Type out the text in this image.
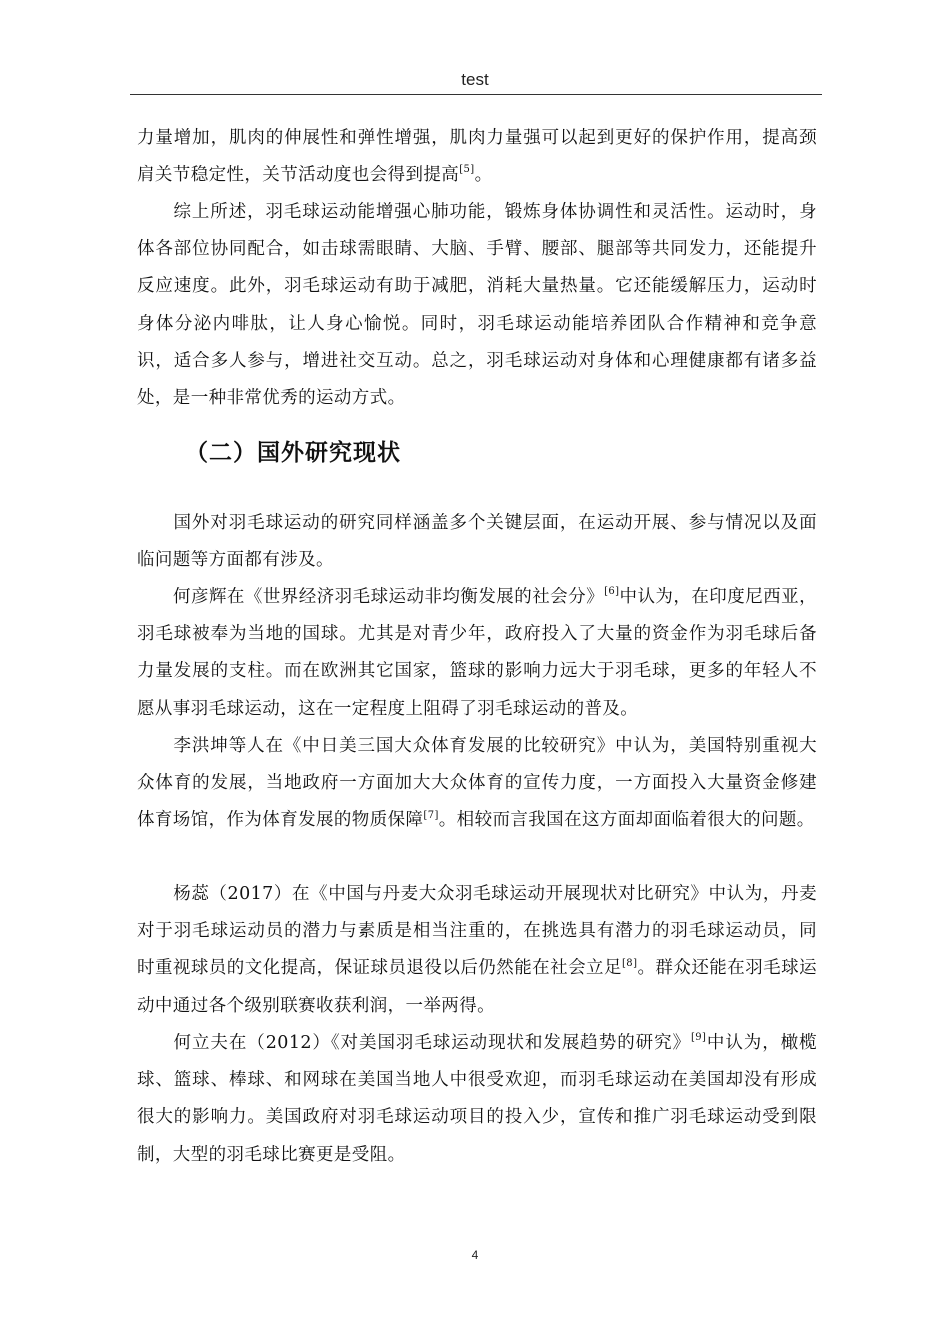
test

力量增加，肌肉的伸展性和弹性增强，肌肉力量强可以起到更好的保护作用，提高颈肩关节稳定性，关节活动度也会得到提高[5]。

综上所述，羽毛球运动能增强心肺功能，锻炼身体协调性和灵活性。运动时，身体各部位协同配合，如击球需眼睛、大脑、手臂、腰部、腿部等共同发力，还能提升反应速度。此外，羽毛球运动有助于减肥，消耗大量热量。它还能缓解压力，运动时身体分泌内啡肽，让人身心愉悦。同时，羽毛球运动能培养团队合作精神和竞争意识，适合多人参与，增进社交互动。总之，羽毛球运动对身体和心理健康都有诸多益处，是一种非常优秀的运动方式。

（二）国外研究现状

国外对羽毛球运动的研究同样涵盖多个关键层面，在运动开展、参与情况以及面临问题等方面都有涉及。

何彦辉在《世界经济羽毛球运动非均衡发展的社会分》[6]中认为，在印度尼西亚，羽毛球被奉为当地的国球。尤其是对青少年，政府投入了大量的资金作为羽毛球后备力量发展的支柱。而在欧洲其它国家，篮球的影响力远大于羽毛球，更多的年轻人不愿从事羽毛球运动，这在一定程度上阻碍了羽毛球运动的普及。

李洪坤等人在《中日美三国大众体育发展的比较研究》中认为，美国特别重视大众体育的发展，当地政府一方面加大大众体育的宣传力度，一方面投入大量资金修建体育场馆，作为体育发展的物质保障[7]。相较而言我国在这方面却面临着很大的问题。

杨蕊（2017）在《中国与丹麦大众羽毛球运动开展现状对比研究》中认为，丹麦对于羽毛球运动员的潜力与素质是相当注重的，在挑选具有潜力的羽毛球运动员，同时重视球员的文化提高，保证球员退役以后仍然能在社会立足[8]。群众还能在羽毛球运动中通过各个级别联赛收获利润，一举两得。

何立夫在（2012）《对美国羽毛球运动现状和发展趋势的研究》[9]中认为，橄榄球、篮球、棒球、和网球在美国当地人中很受欢迎，而羽毛球运动在美国却没有形成很大的影响力。美国政府对羽毛球运动项目的投入少，宣传和推广羽毛球运动受到限制，大型的羽毛球比赛更是受阻。

4
